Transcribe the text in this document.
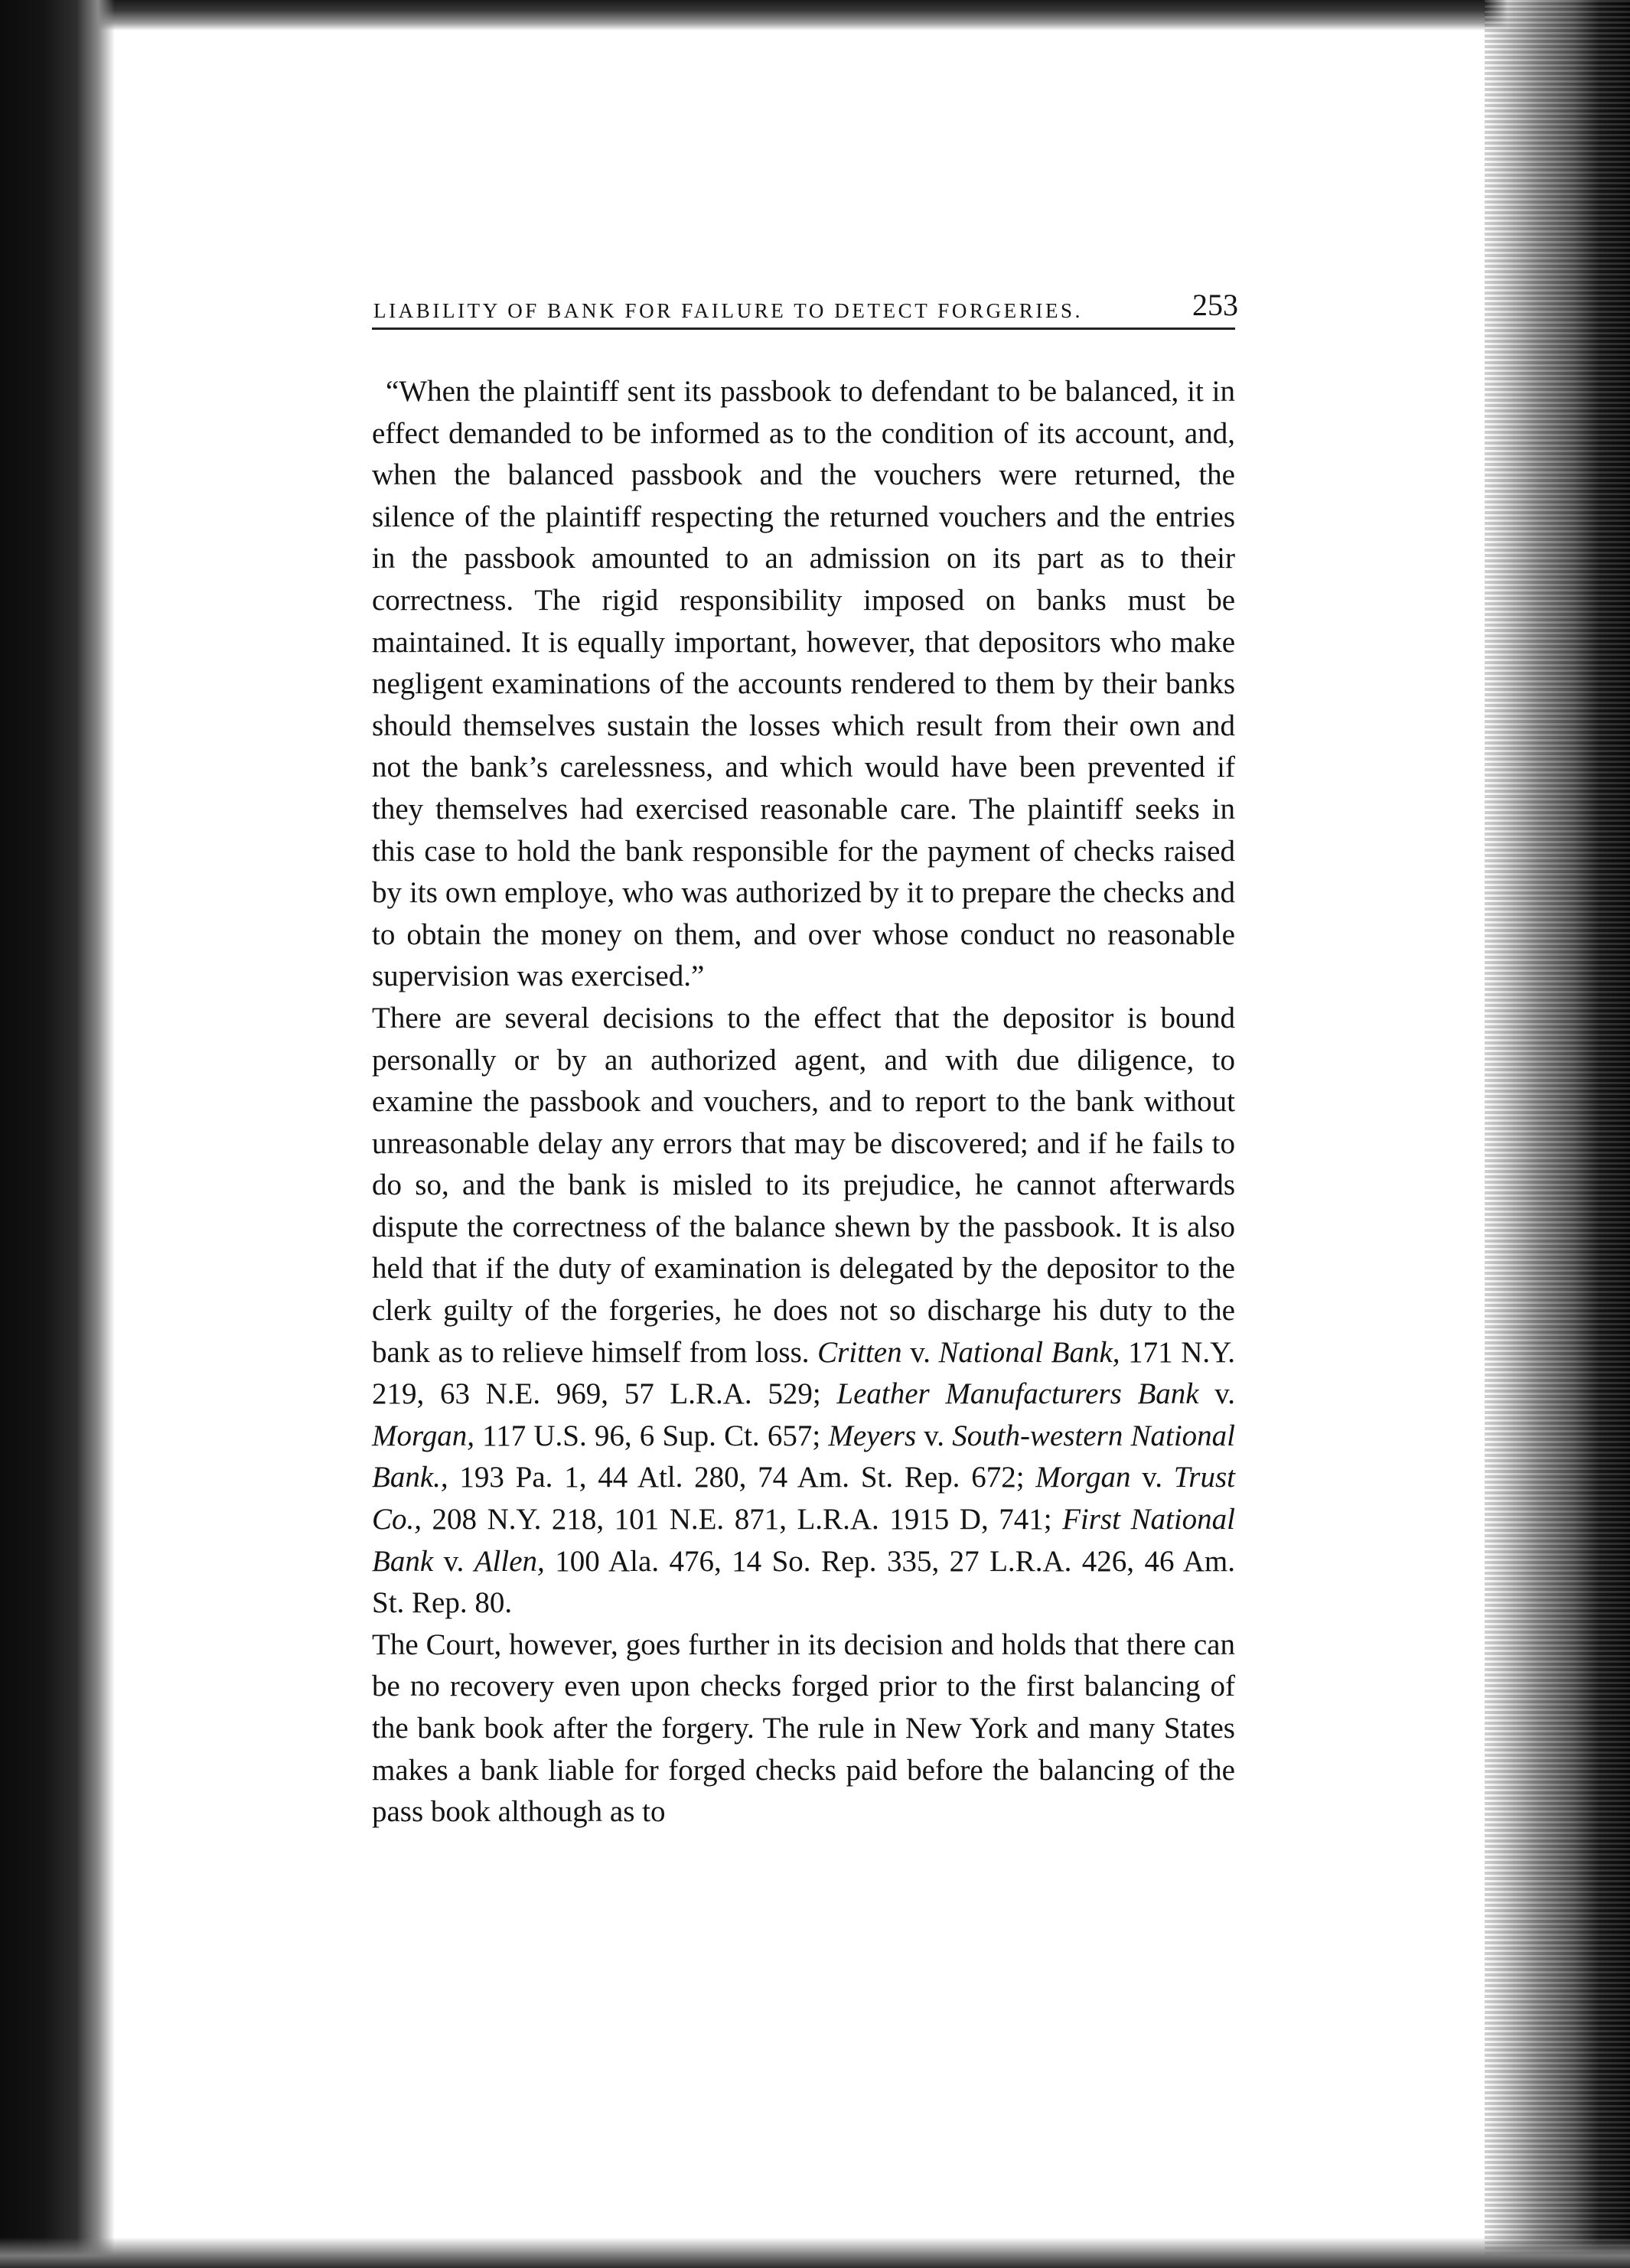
LIABILITY OF BANK FOR FAILURE TO DETECT FORGERIES.	253

“When the plaintiff sent its passbook to defendant to be balanced, it in effect demanded to be informed as to the condition of its account, and, when the balanced passbook and the vouchers were returned, the silence of the plaintiff respecting the returned vouchers and the entries in the passbook amounted to an admission on its part as to their correctness. The rigid responsibility imposed on banks must be maintained. It is equally important, however, that depositors who make negligent examinations of the accounts rendered to them by their banks should themselves sustain the losses which result from their own and not the bank’s carelessness, and which would have been prevented if they themselves had exercised reasonable care. The plaintiff seeks in this case to hold the bank responsible for the payment of checks raised by its own employe, who was authorized by it to prepare the checks and to obtain the money on them, and over whose conduct no reasonable supervision was exercised.”

There are several decisions to the effect that the depositor is bound personally or by an authorized agent, and with due diligence, to examine the passbook and vouchers, and to report to the bank without unreasonable delay any errors that may be discovered; and if he fails to do so, and the bank is misled to its prejudice, he cannot afterwards dispute the correctness of the balance shewn by the passbook. It is also held that if the duty of examination is delegated by the depositor to the clerk guilty of the forgeries, he does not so discharge his duty to the bank as to relieve himself from loss. Critten v. National Bank, 171 N.Y. 219, 63 N.E. 969, 57 L.R.A. 529; Leather Manufacturers Bank v. Morgan, 117 U.S. 96, 6 Sup. Ct. 657; Meyers v. South-western National Bank., 193 Pa. 1, 44 Atl. 280, 74 Am. St. Rep. 672; Morgan v. Trust Co., 208 N.Y. 218, 101 N.E. 871, L.R.A. 1915 D, 741; First National Bank v. Allen, 100 Ala. 476, 14 So. Rep. 335, 27 L.R.A. 426, 46 Am. St. Rep. 80.

The Court, however, goes further in its decision and holds that there can be no recovery even upon checks forged prior to the first balancing of the bank book after the forgery. The rule in New York and many States makes a bank liable for forged checks paid before the balancing of the pass book although as to
